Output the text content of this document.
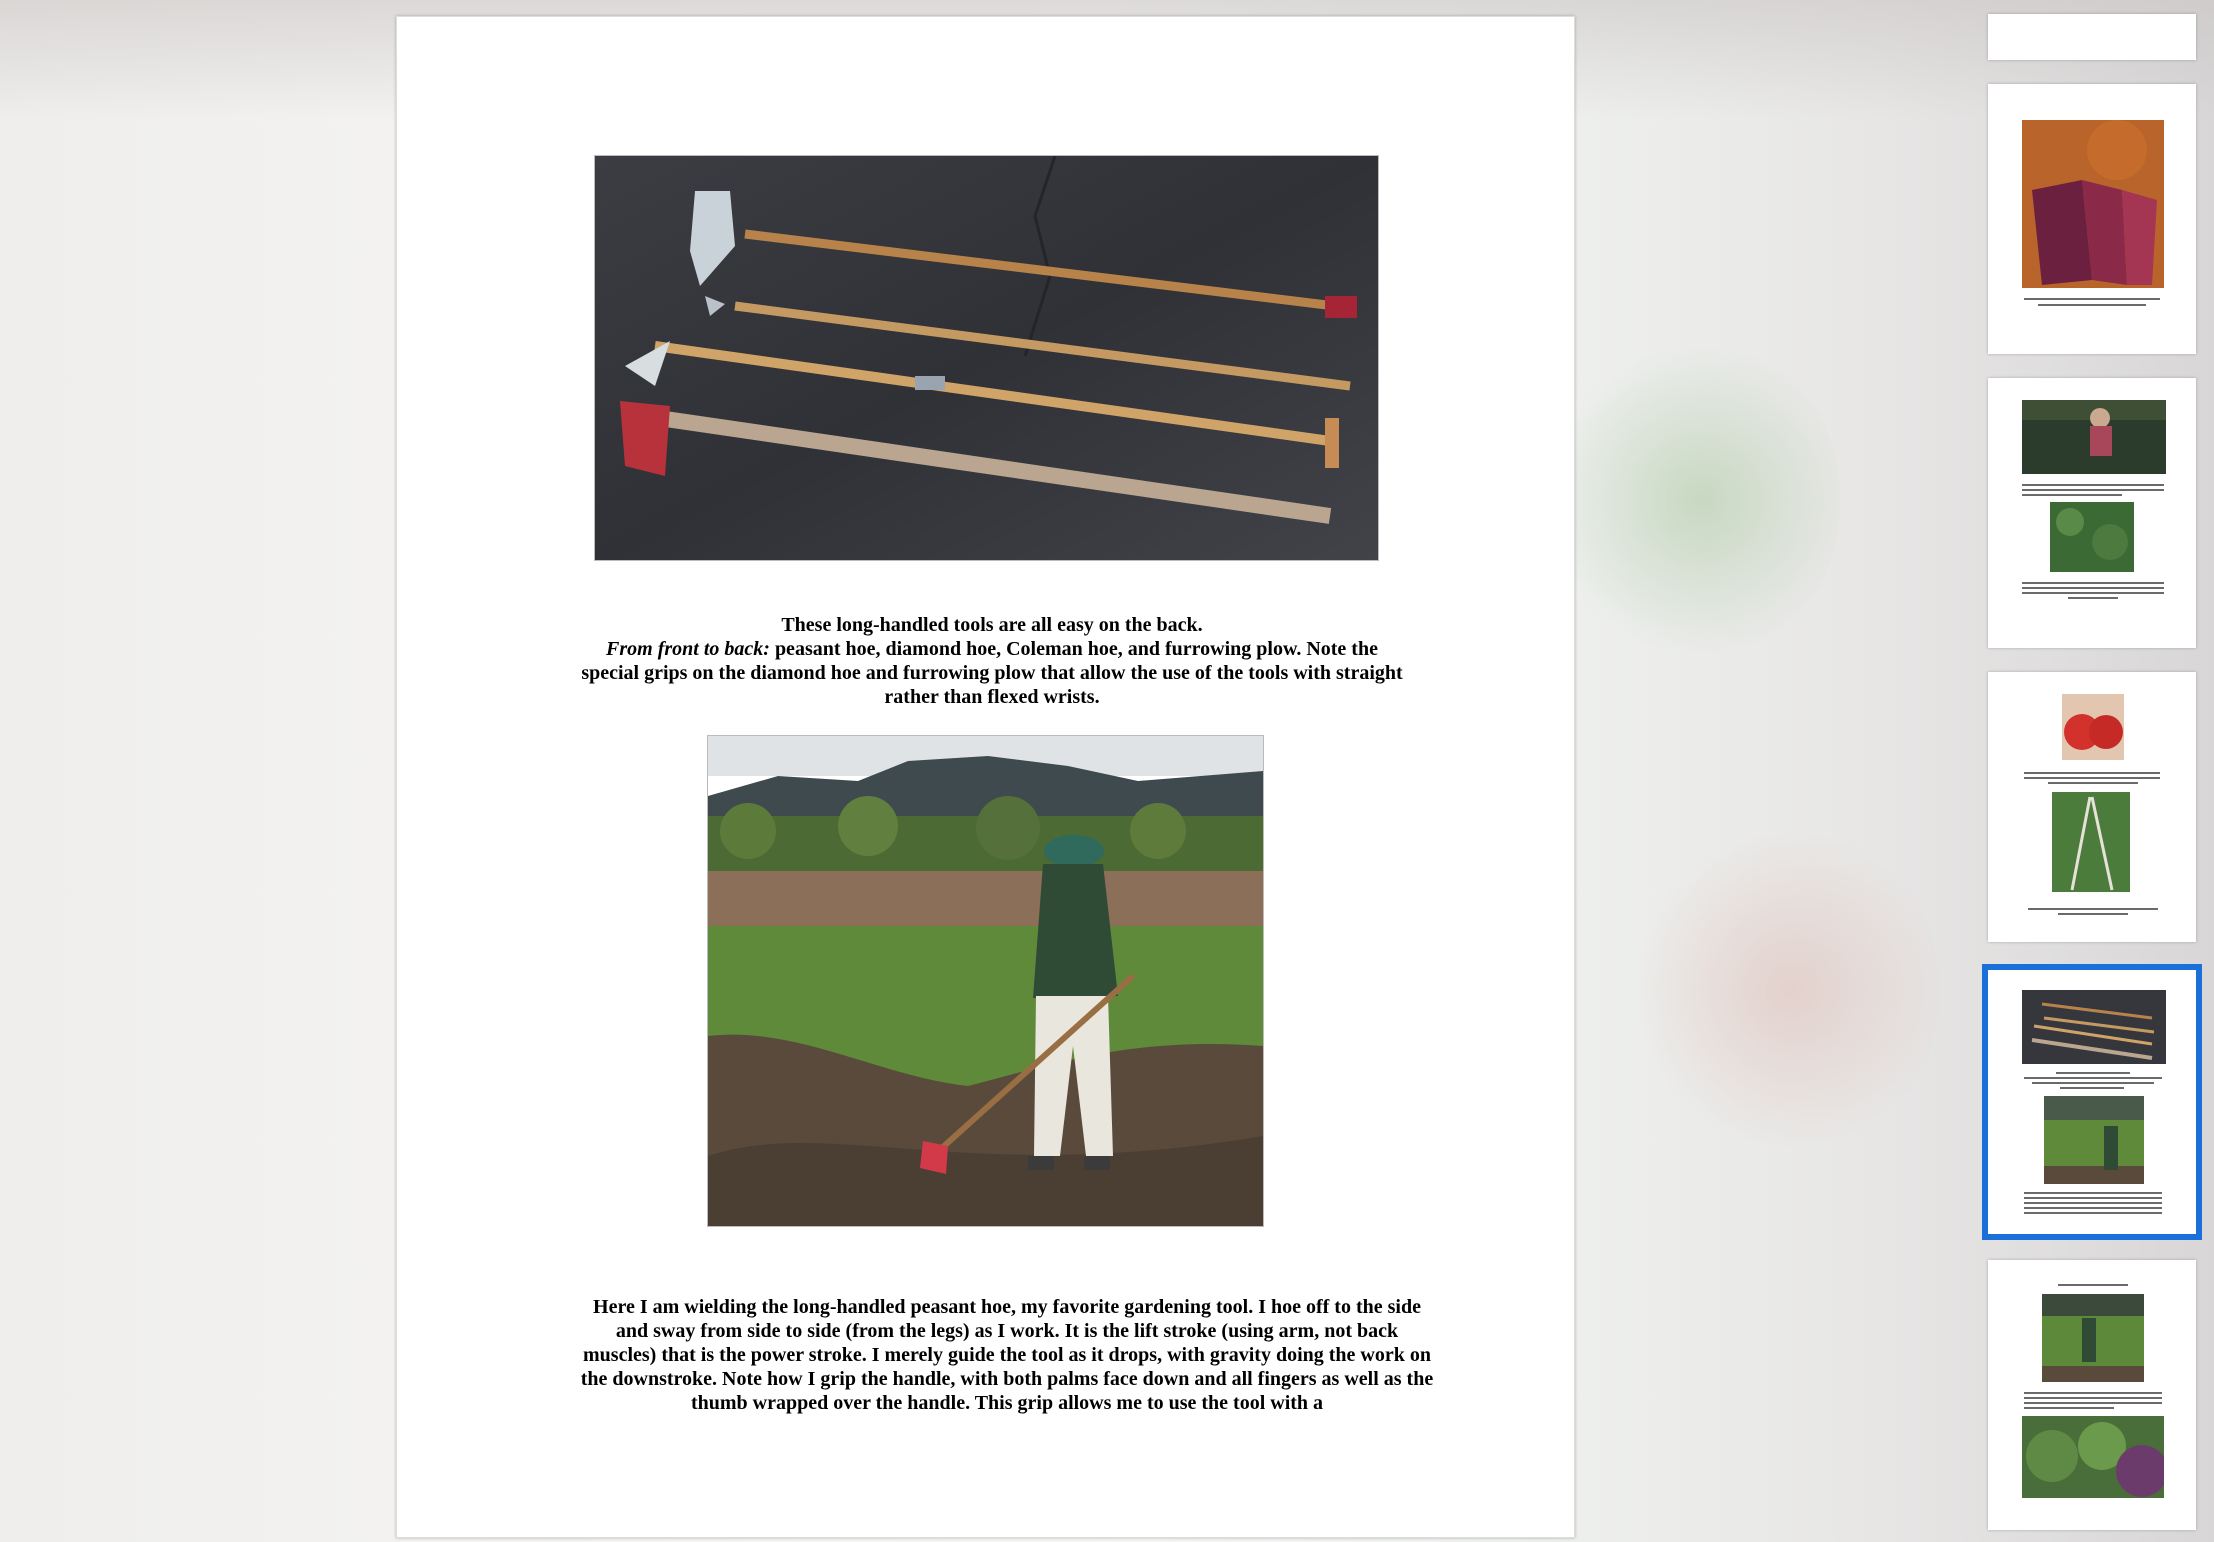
These long-handled tools are all easy on the back.
From front to back: peasant hoe, diamond hoe, Coleman hoe, and furrowing plow. Note the special grips on the diamond hoe and furrowing plow that allow the use of the tools with straight rather than flexed wrists.
Here I am wielding the long-handled peasant hoe, my favorite gardening tool. I hoe off to the side and sway from side to side (from the legs) as I work. It is the lift stroke (using arm, not back muscles) that is the power stroke. I merely guide the tool as it drops, with gravity doing the work on the downstroke. Note how I grip the handle, with both palms face down and all fingers as well as the thumb wrapped over the handle. This grip allows me to use the tool with a
